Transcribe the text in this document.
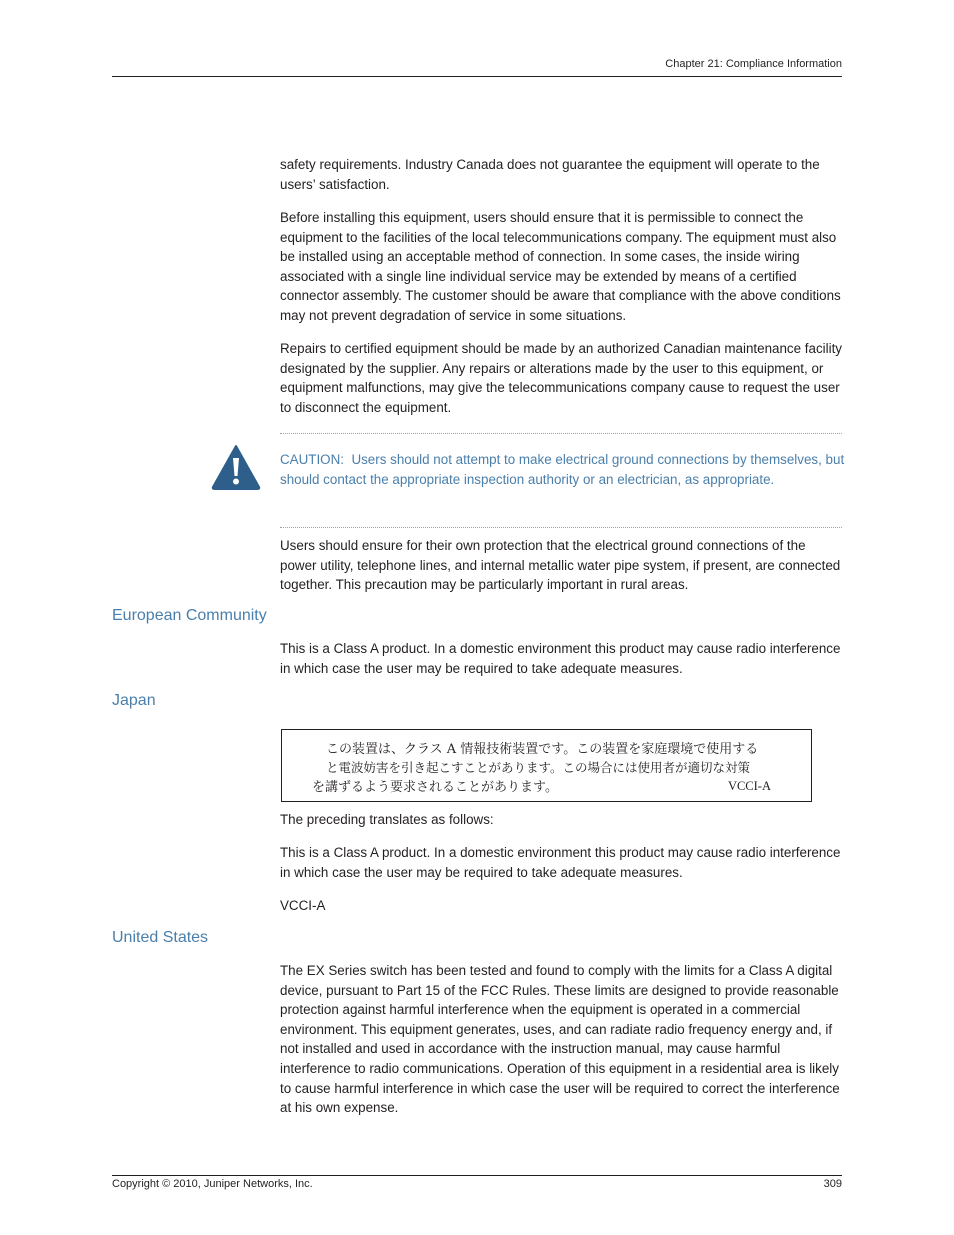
Chapter 21: Compliance Information

safety requirements. Industry Canada does not guarantee the equipment will operate to the users’ satisfaction.

Before installing this equipment, users should ensure that it is permissible to connect the equipment to the facilities of the local telecommunications company. The equipment must also be installed using an acceptable method of connection. In some cases, the inside wiring associated with a single line individual service may be extended by means of a certified connector assembly. The customer should be aware that compliance with the above conditions may not prevent degradation of service in some situations.

Repairs to certified equipment should be made by an authorized Canadian maintenance facility designated by the supplier. Any repairs or alterations made by the user to this equipment, or equipment malfunctions, may give the telecommunications company cause to request the user to disconnect the equipment.

CAUTION: Users should not attempt to make electrical ground connections by themselves, but should contact the appropriate inspection authority or an electrician, as appropriate.

Users should ensure for their own protection that the electrical ground connections of the power utility, telephone lines, and internal metallic water pipe system, if present, are connected together. This precaution may be particularly important in rural areas.

European Community

This is a Class A product. In a domestic environment this product may cause radio interference in which case the user may be required to take adequate measures.

Japan
この装置は、クラス A 情報技術装置です。この装置を家庭環境で使用する
と電波妨害を引き起こすことがあります。この場合には使用者が適切な対策
を講ずるよう要求されることがあります。	VCCI-A

The preceding translates as follows:

This is a Class A product. In a domestic environment this product may cause radio interference in which case the user may be required to take adequate measures.

VCCI-A

United States

The EX Series switch has been tested and found to comply with the limits for a Class A digital device, pursuant to Part 15 of the FCC Rules. These limits are designed to provide reasonable protection against harmful interference when the equipment is operated in a commercial environment. This equipment generates, uses, and can radiate radio frequency energy and, if not installed and used in accordance with the instruction manual, may cause harmful interference to radio communications. Operation of this equipment in a residential area is likely to cause harmful interference in which case the user will be required to correct the interference at his own expense.

Copyright © 2010, Juniper Networks, Inc.	309
